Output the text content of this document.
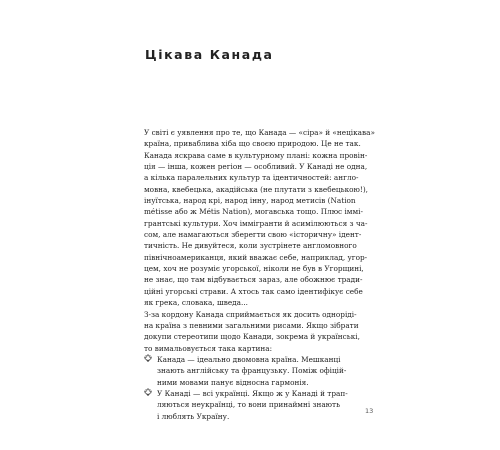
Цікава Канада
У світі є уявлення про те, що Канада — «сіра» й «нецікава»
країна, приваблива хіба що своєю природою. Це не так.
Канада яскрава саме в культурному плані: кожна провін-
ція — інша, кожен регіон — особливий. У Канаді не одна,
а кілька паралельних культур та ідентичностей: англо-
мовна, квебецька, акадійська (не плутати з квебецькою!),
інуїтська, народ крі, народ інну, народ метисів (Nation
métisse або ж Métis Nation), могавська тощо. Плюс іммі-
грантські культури. Хоч іммігранти й асимілюються з ча-
сом, але намагаються зберегти свою «історичну» ідент-
тичність. Не дивуйтеся, коли зустрінете англомовного
північноамериканця, який вважає себе, наприклад, угор-
цем, хоч не розуміє угорської, ніколи не був в Угорщині,
не знає, що там відбувається зараз, але обожнює тради-
ційні угорські страви. А хтось так само ідентифікує себе
як грека, словака, шведа...
З-за кордону Канада сприймається як досить одноріді-
на країна з певними загальними рисами. Якщо зібрати
докупи стереотипи щодо Канади, зокрема й українські,
то вимальовується така картина:
Канада — ідеально двомовна країна. Мешканці
знають англійську та французьку. Поміж офіцій-
ними мовами панує відносна гармонія.
У Канаді — всі українці. Якщо ж у Канаді й трап-
ляються неукраїнці, то вони принаймні знають
і люблять Україну.
13
